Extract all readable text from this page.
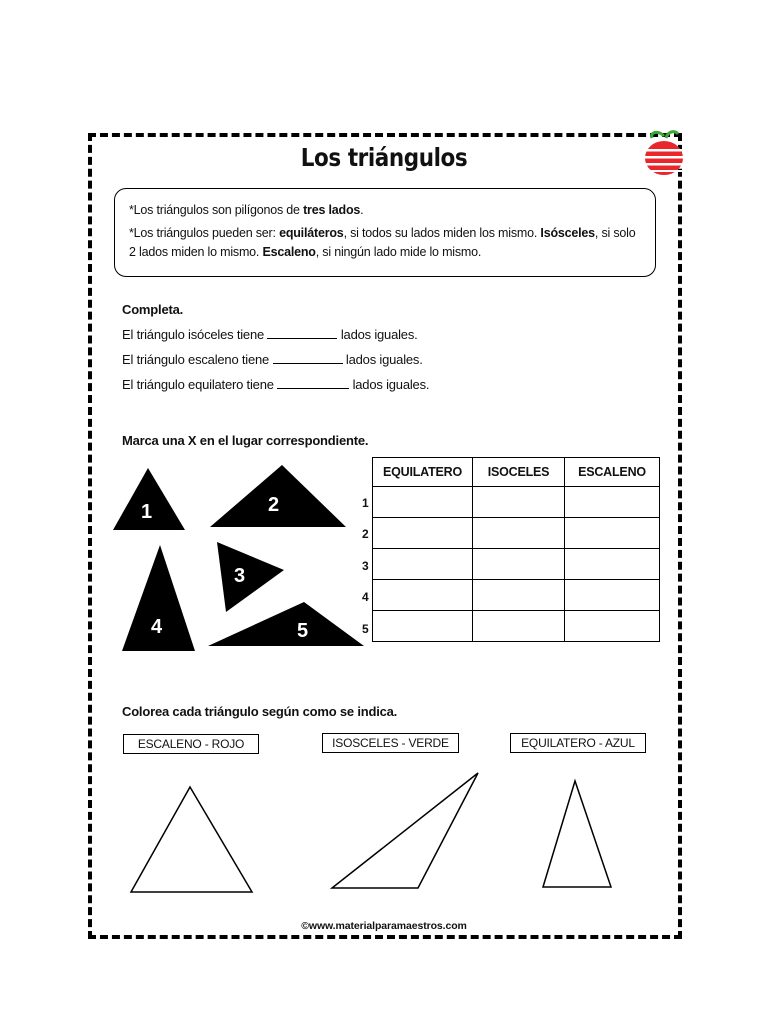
Los triángulos

*Los triángulos son pilígonos de tres lados.

*Los triángulos pueden ser: equiláteros, si todos su lados miden los mismo. Isósceles, si solo 2 lados miden lo mismo. Escaleno, si ningún lado mide lo mismo.

Completa.
El triángulo isóceles tiene	lados iguales.
El triángulo escaleno tiene	lados iguales.
El triángulo equilatero tiene	lados iguales.
Marca una X en el lugar correspondiente.
1	2
3
4	5
EQUILATERO	ISOCELES	ESCALENO

1
2
3
4
5
Colorea cada triángulo según como se indica.
ESCALENO - ROJO	ISOSCELES - VERDE	EQUILATERO - AZUL
©www.materialparamaestros.com
